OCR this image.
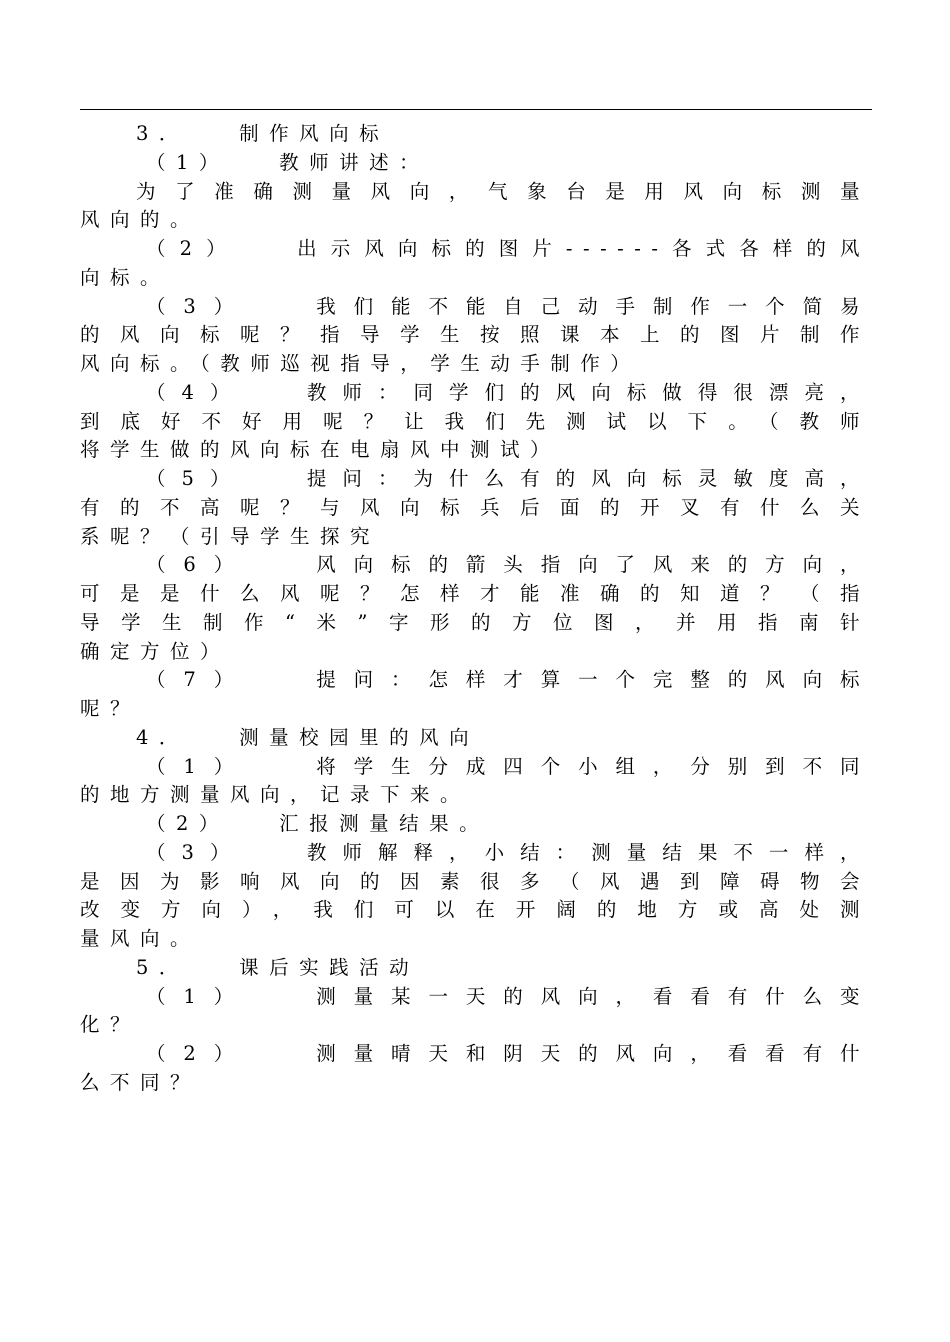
3．　　制作风向标
（1）　　教师讲述：
为了准确测量风向，气象台是用风向标测量
风向的。
（2）　　出示风向标的图片------各式各样的风
向标。
（3）　　我们能不能自己动手制作一个简易
的风向标呢？指导学生按照课本上的图片制作
风向标。（教师巡视指导，学生动手制作）
（4）　　教师：同学们的风向标做得很漂亮，
到底好不好用呢？让我们先测试以下。（教师
将学生做的风向标在电扇风中测试）
（5）　　提问：为什么有的风向标灵敏度高，
有的不高呢？与风向标兵后面的开叉有什么关
系呢？（引导学生探究
（6）　　风向标的箭头指向了风来的方向，
可是是什么风呢？怎样才能准确的知道？（指
导学生制作“米”字形的方位图，并用指南针
确定方位）
（7）　　提问：怎样才算一个完整的风向标
呢？
4．　　测量校园里的风向
（1）　　将学生分成四个小组，分别到不同
的地方测量风向，记录下来。
（2）　　汇报测量结果。
（3）　　教师解释，小结：测量结果不一样，
是因为影响风向的因素很多（风遇到障碍物会
改变方向），我们可以在开阔的地方或高处测
量风向。
5．　　课后实践活动
（1）　　测量某一天的风向，看看有什么变
化？
（2）　　测量晴天和阴天的风向，看看有什
么不同？
